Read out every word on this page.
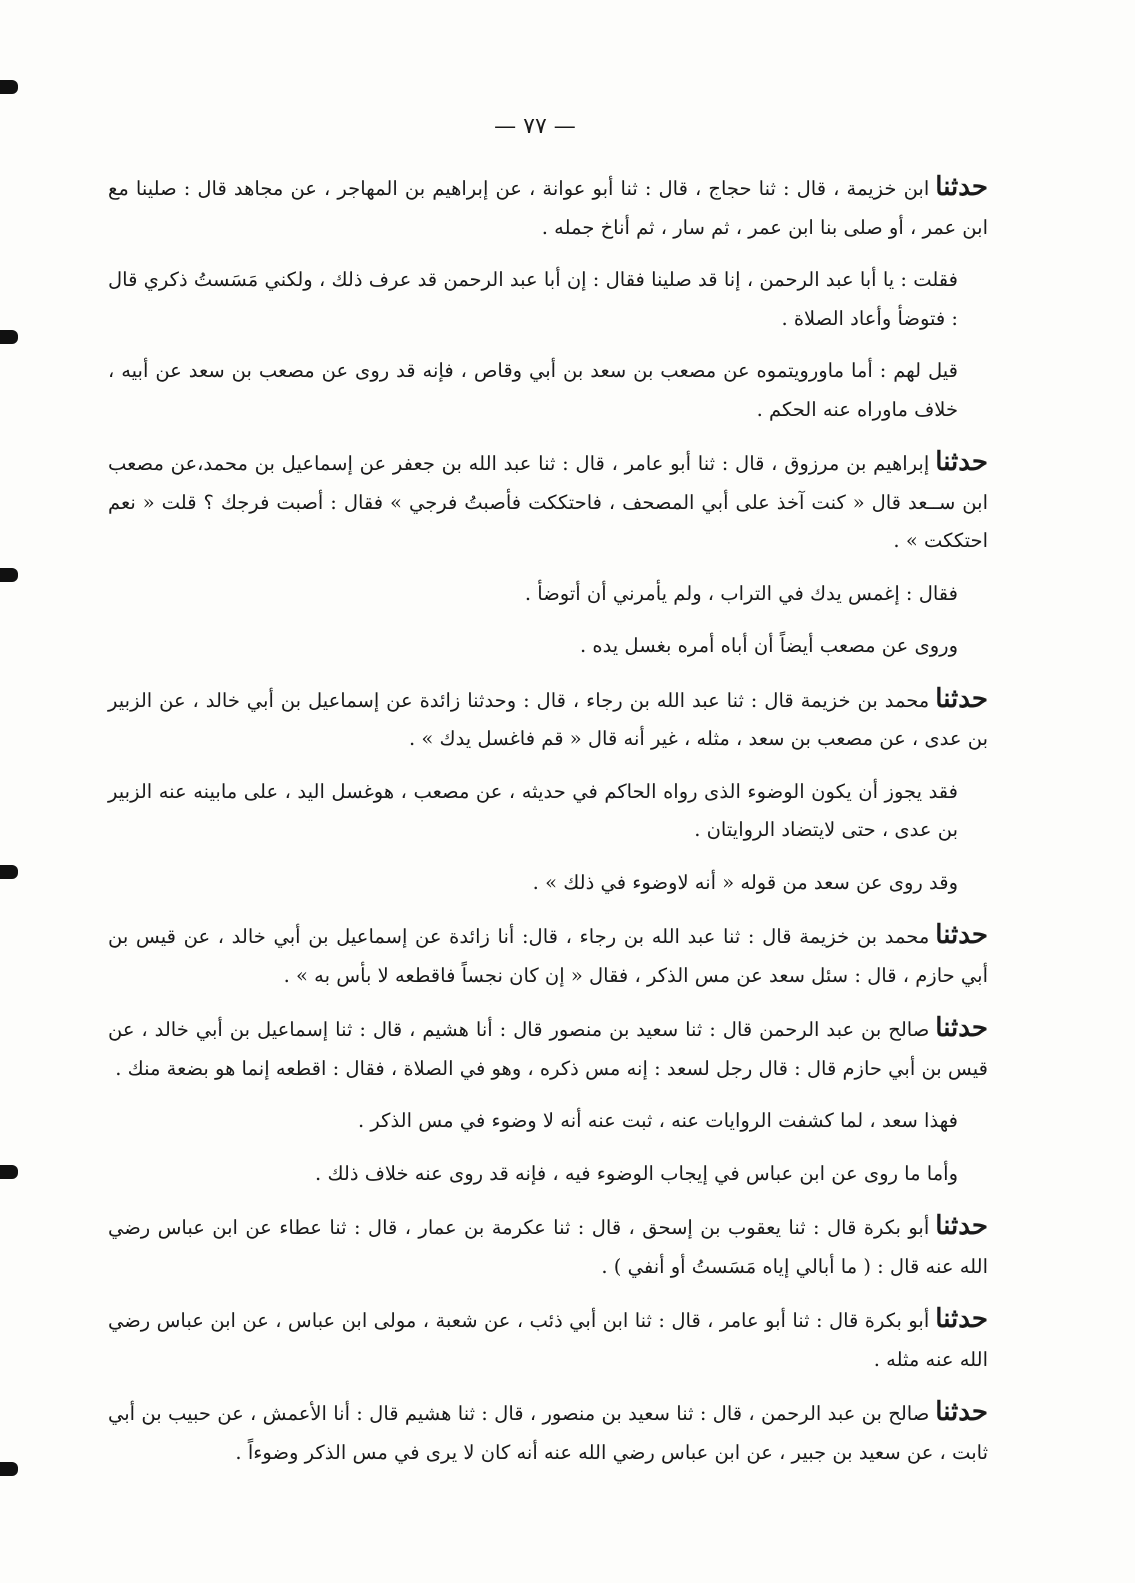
— ٧٧ —

حدثناابن خزيمة ، قال : ثنا حجاج ، قال : ثنا أبو عوانة ، عن إبراهيم بن المهاجر ، عن مجاهد قال : صلينا مع ابن عمر ، أو صلى بنا ابن عمر ، ثم سار ، ثم أناخ جمله .

فقلت : يا أبا عبد الرحمن ، إنا قد صلينا فقال : إن أبا عبد الرحمن قد عرف ذلك ، ولكني مَسَستُ ذكري قال : فتوضأ وأعاد الصلاة .

قيل لهم : أما ماورويتموه عن مصعب بن سعد بن أبي وقاص ، فإنه قد روى عن مصعب بن سعد عن أبيه ، خلاف ماوراه عنه الحكم .

حدثناإبراهيم بن مرزوق ، قال : ثنا أبو عامر ، قال : ثنا عبد الله بن جعفر عن إسماعيل بن محمد،عن مصعب ابن ســعد قال « كنت آخذ على أبي المصحف ، فاحتككت فأصبتُ فرجي » فقال : أصبت فرجك ؟ قلت « نعم احتككت » .

فقال : إغمس يدك في التراب ، ولم يأمرني أن أتوضأ .

وروى عن مصعب أيضاً أن أباه أمره بغسل يده .

حدثنامحمد بن خزيمة قال : ثنا عبد الله بن رجاء ، قال : وحدثنا زائدة عن إسماعيل بن أبي خالد ، عن الزبير بن عدى ، عن مصعب بن سعد ، مثله ، غير أنه قال « قم فاغسل يدك » .

فقد يجوز أن يكون الوضوء الذى رواه الحاكم في حديثه ، عن مصعب ، هوغسل اليد ، على مابينه عنه الزبير بن عدى ، حتى لايتضاد الروايتان .

وقد روى عن سعد من قوله « أنه لاوضوء في ذلك » .

حدثنامحمد بن خزيمة قال : ثنا عبد الله بن رجاء ، قال: أنا زائدة عن إسماعيل بن أبي خالد ، عن قيس بن أبي حازم ، قال : سئل سعد عن مس الذكر ، فقال « إن كان نجساً فاقطعه لا بأس به » .

حدثناصالح بن عبد الرحمن قال : ثنا سعيد بن منصور قال : أنا هشيم ، قال : ثنا إسماعيل بن أبي خالد ، عن قيس بن أبي حازم قال : قال رجل لسعد : إنه مس ذكره ، وهو في الصلاة ، فقال : اقطعه إنما هو بضعة منك .

فهذا سعد ، لما كشفت الروايات عنه ، ثبت عنه أنه لا وضوء في مس الذكر .

وأما ما روى عن ابن عباس في إيجاب الوضوء فيه ، فإنه قد روى عنه خلاف ذلك .

حدثناأبو بكرة قال : ثنا يعقوب بن إسحق ، قال : ثنا عكرمة بن عمار ، قال : ثنا عطاء عن ابن عباس رضي الله عنه قال : ( ما أبالي إياه مَسَستُ أو أنفي ) .

حدثناأبو بكرة قال : ثنا أبو عامر ، قال : ثنا ابن أبي ذئب ، عن شعبة ، مولى ابن عباس ، عن ابن عباس رضي الله عنه مثله .

حدثناصالح بن عبد الرحمن ، قال : ثنا سعيد بن منصور ، قال : ثنا هشيم قال : أنا الأعمش ، عن حبيب بن أبي ثابت ، عن سعيد بن جبير ، عن ابن عباس رضي الله عنه أنه كان لا يرى في مس الذكر وضوءاً .
